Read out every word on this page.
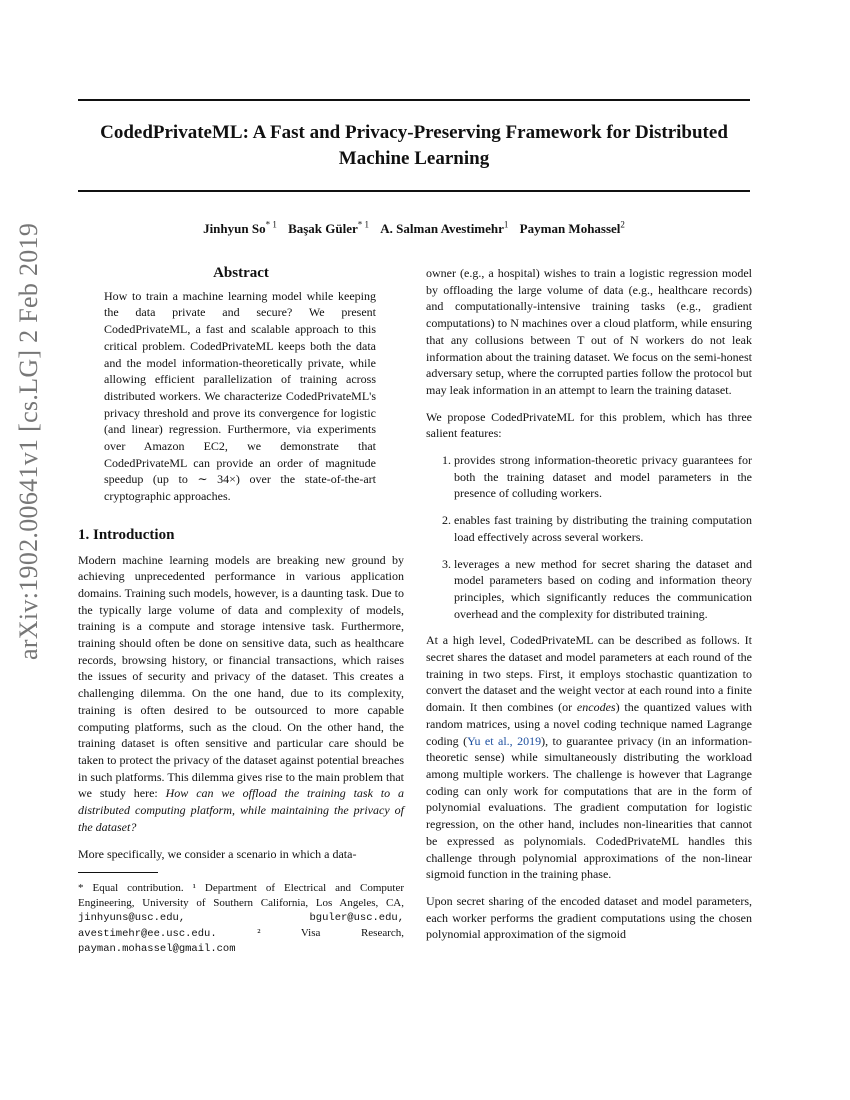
CodedPrivateML: A Fast and Privacy-Preserving Framework for Distributed Machine Learning
Jinhyun So$^{* 1}$ Başak Güler$^{* 1}$ A. Salman Avestimehr$^1$ Payman Mohassel$^2$
arXiv:1902.00641v1 [cs.LG] 2 Feb 2019	Abstract

How to train a machine learning model while keeping the data private and secure? We present CodedPrivateML, a fast and scalable approach to this critical problem. CodedPrivateML keeps both the data and the model information-theoretically private, while allowing efficient parallelization of training across distributed workers. We characterize CodedPrivateML's privacy threshold and prove its convergence for logistic (and linear) regression. Furthermore, via experiments over Amazon EC2, we demonstrate that CodedPrivateML can provide an order of magnitude speedup (up to ∼ 34×) over the state-of-the-art cryptographic approaches.

1. Introduction

Modern machine learning models are breaking new ground by achieving unprecedented performance in various application domains. Training such models, however, is a daunting task. Due to the typically large volume of data and complexity of models, training is a compute and storage intensive task. Furthermore, training should often be done on sensitive data, such as healthcare records, browsing history, or financial transactions, which raises the issues of security and privacy of the dataset. This creates a challenging dilemma. On the one hand, due to its complexity, training is often desired to be outsourced to more capable computing platforms, such as the cloud. On the other hand, the training dataset is often sensitive and particular care should be taken to protect the privacy of the dataset against potential breaches in such platforms. This dilemma gives rise to the main problem that we study here: How can we offload the training task to a distributed computing platform, while maintaining the privacy of the dataset?

More specifically, we consider a scenario in which a data-

* Equal contribution. ¹ Department of Electrical and Computer Engineering, University of Southern California, Los Angeles, CA, jinhyuns@usc.edu,	bguler@usc.edu, avestimehr@ee.usc.edu.	² Visa Research, payman.mohassel@gmail.com

owner (e.g., a hospital) wishes to train a logistic regression model by offloading the large volume of data (e.g., healthcare records) and computationally-intensive training tasks (e.g., gradient computations) to N machines over a cloud platform, while ensuring that any collusions between T out of N workers do not leak information about the training dataset. We focus on the semi-honest adversary setup, where the corrupted parties follow the protocol but may leak information in an attempt to learn the training dataset.

We propose CodedPrivateML for this problem, which has three salient features:

1. provides strong information-theoretic privacy guarantees for both the training dataset and model parameters in the presence of colluding workers.
2. enables fast training by distributing the training computation load effectively across several workers.
3. leverages a new method for secret sharing the dataset and model parameters based on coding and information theory principles, which significantly reduces the communication overhead and the complexity for distributed training.

At a high level, CodedPrivateML can be described as follows. It secret shares the dataset and model parameters at each round of the training in two steps. First, it employs stochastic quantization to convert the dataset and the weight vector at each round into a finite domain. It then combines (or encodes) the quantized values with random matrices, using a novel coding technique named Lagrange coding (Yu et al., 2019), to guarantee privacy (in an information-theoretic sense) while simultaneously distributing the workload among multiple workers. The challenge is however that Lagrange coding can only work for computations that are in the form of polynomial evaluations. The gradient computation for logistic regression, on the other hand, includes non-linearities that cannot be expressed as polynomials. CodedPrivateML handles this challenge through polynomial approximations of the non-linear sigmoid function in the training phase.

Upon secret sharing of the encoded dataset and model parameters, each worker performs the gradient computations using the chosen polynomial approximation of the sigmoid
